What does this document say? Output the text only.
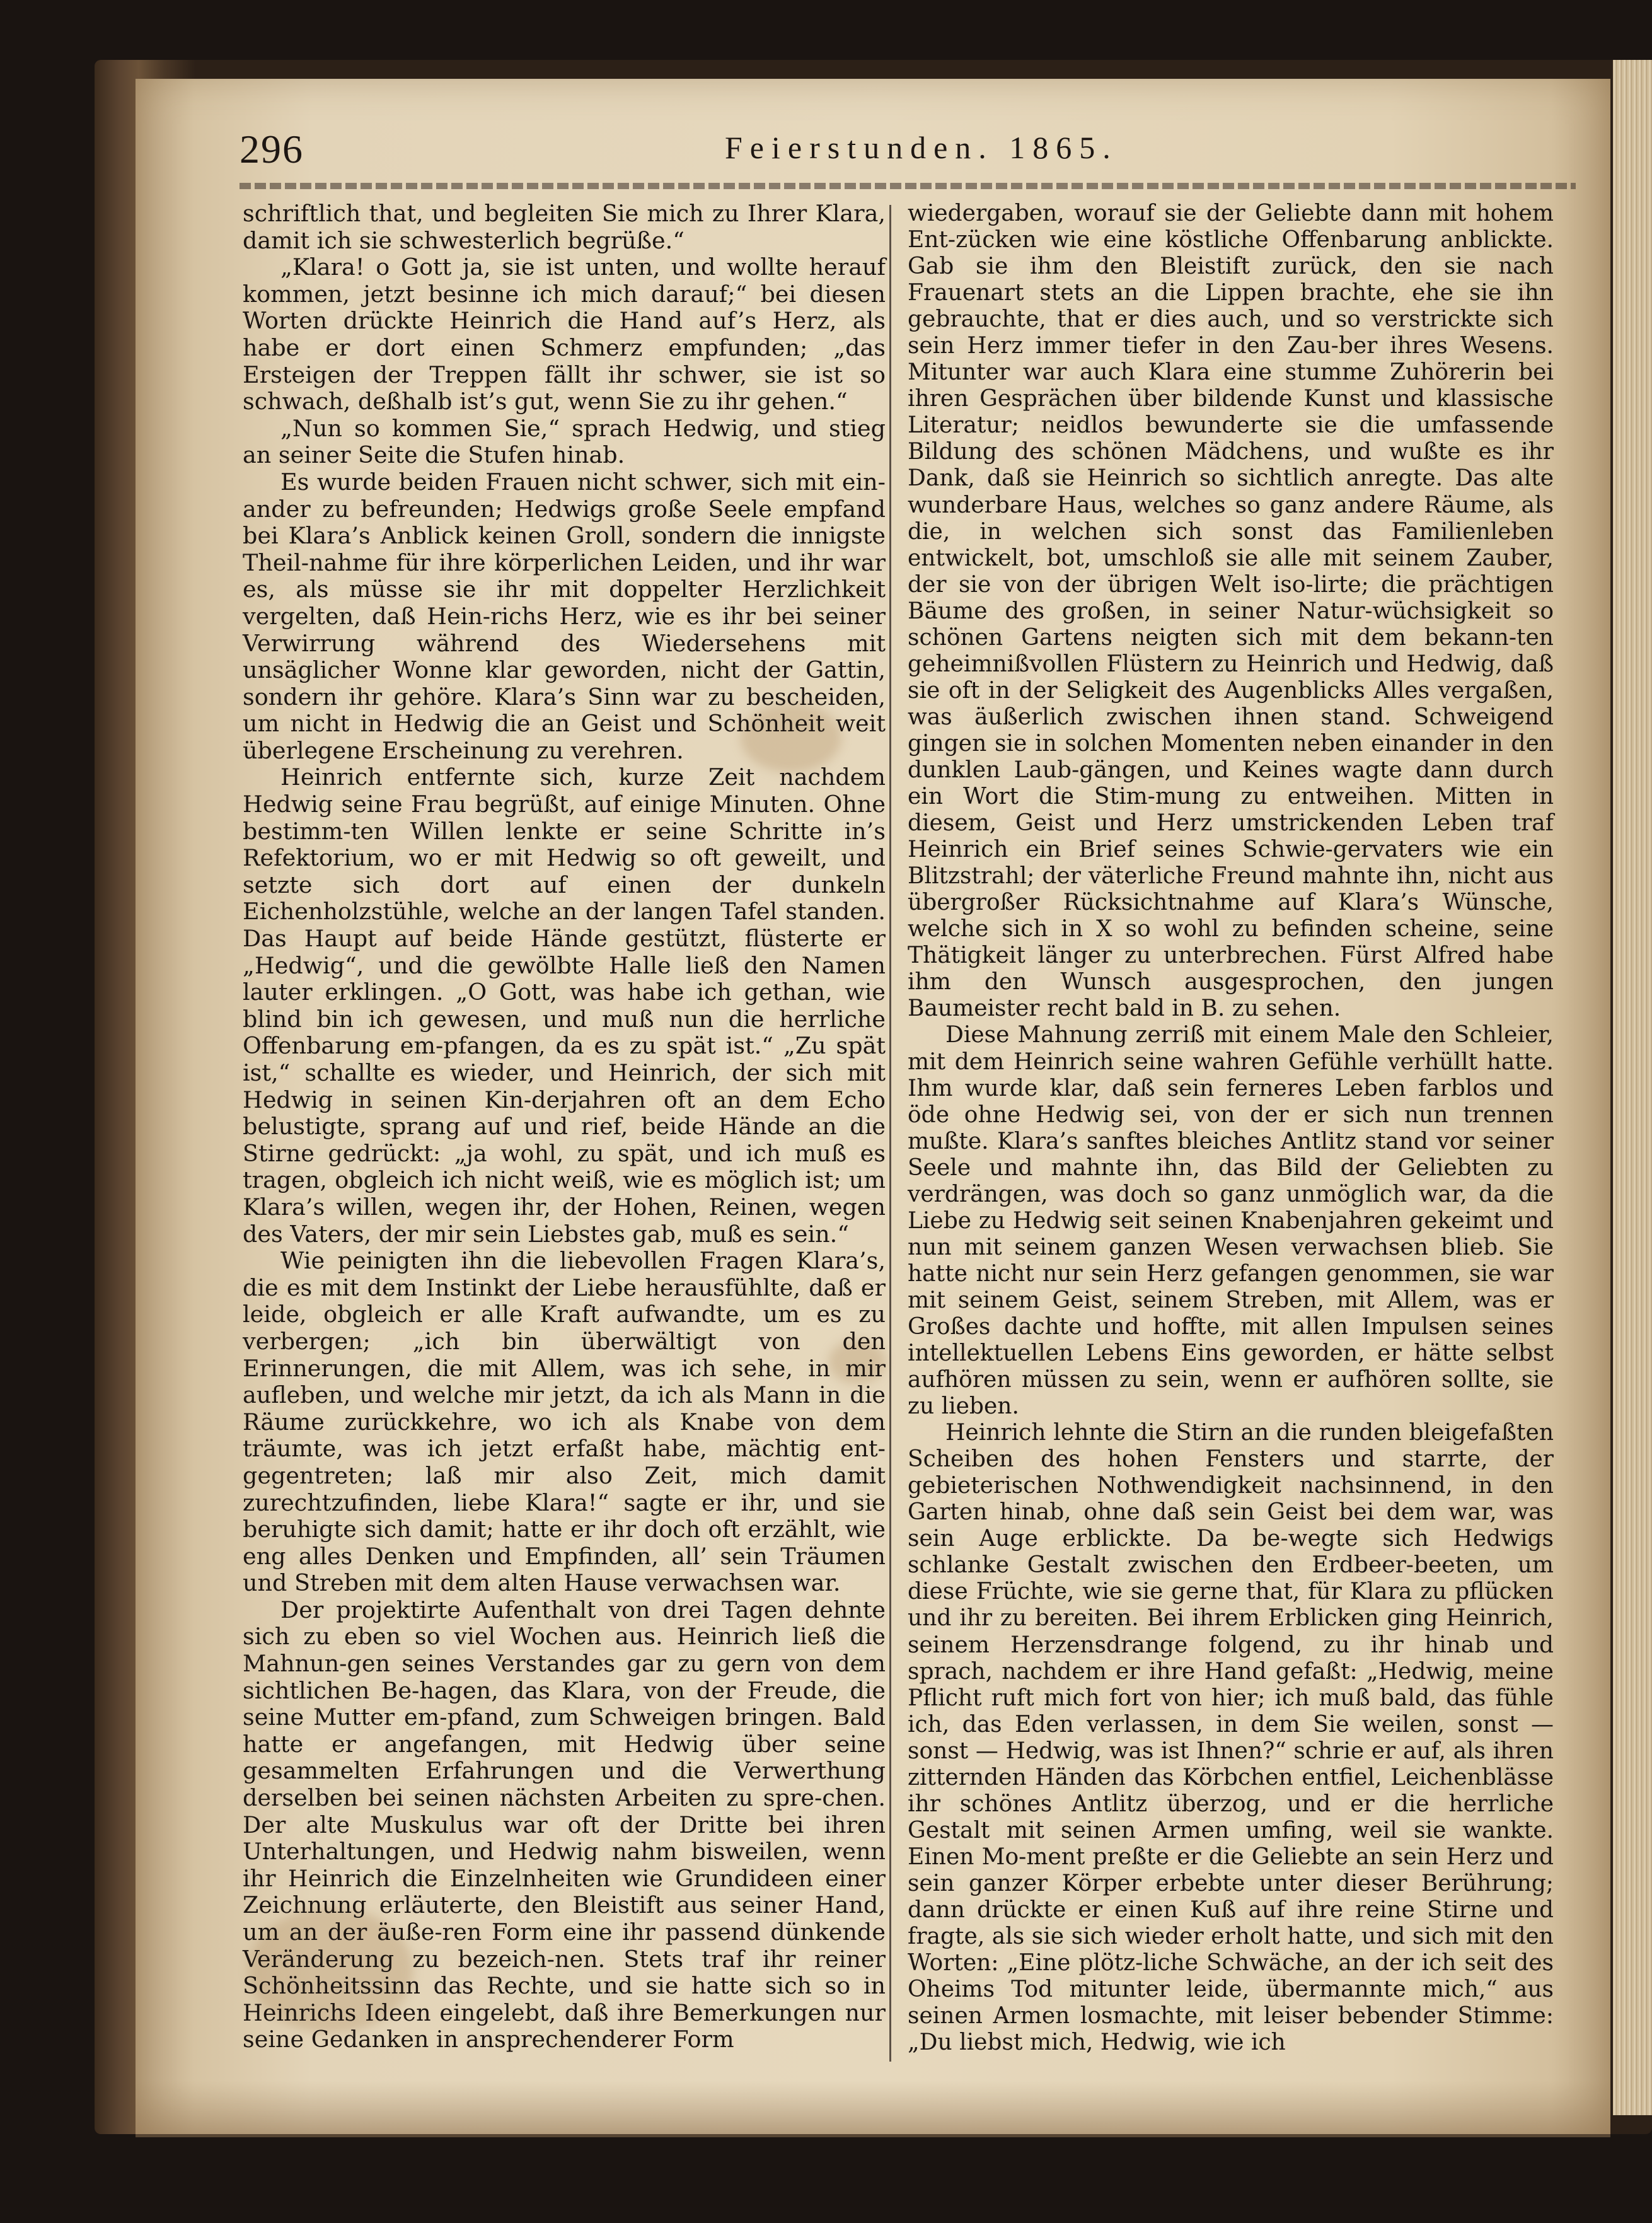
296	Feierstunden. 1865.

schriftlich that, und begleiten Sie mich zu Ihrer Klara, damit ich sie schwesterlich begrüße.“

„Klara! o Gott ja, sie ist unten, und wollte herauf kommen, jetzt besinne ich mich darauf;“ bei diesen Worten drückte Heinrich die Hand auf’s Herz, als habe er dort einen Schmerz empfunden; „das Ersteigen der Treppen fällt ihr schwer, sie ist so schwach, deßhalb ist’s gut, wenn Sie zu ihr gehen.“

„Nun so kommen Sie,“ sprach Hedwig, und stieg an seiner Seite die Stufen hinab.

Es wurde beiden Frauen nicht schwer, sich mit ein-ander zu befreunden; Hedwigs große Seele empfand bei Klara’s Anblick keinen Groll, sondern die innigste Theil-nahme für ihre körperlichen Leiden, und ihr war es, als müsse sie ihr mit doppelter Herzlichkeit vergelten, daß Hein-richs Herz, wie es ihr bei seiner Verwirrung während des Wiedersehens mit unsäglicher Wonne klar geworden, nicht der Gattin, sondern ihr gehöre. Klara’s Sinn war zu bescheiden, um nicht in Hedwig die an Geist und Schönheit weit überlegene Erscheinung zu verehren.

Heinrich entfernte sich, kurze Zeit nachdem Hedwig seine Frau begrüßt, auf einige Minuten. Ohne bestimm-ten Willen lenkte er seine Schritte in’s Refektorium, wo er mit Hedwig so oft geweilt, und setzte sich dort auf einen der dunkeln Eichenholzstühle, welche an der langen Tafel standen. Das Haupt auf beide Hände gestützt, flüsterte er „Hedwig“, und die gewölbte Halle ließ den Namen lauter erklingen. „O Gott, was habe ich gethan, wie blind bin ich gewesen, und muß nun die herrliche Offenbarung em-pfangen, da es zu spät ist.“ „Zu spät ist,“ schallte es wieder, und Heinrich, der sich mit Hedwig in seinen Kin-derjahren oft an dem Echo belustigte, sprang auf und rief, beide Hände an die Stirne gedrückt: „ja wohl, zu spät, und ich muß es tragen, obgleich ich nicht weiß, wie es möglich ist; um Klara’s willen, wegen ihr, der Hohen, Reinen, wegen des Vaters, der mir sein Liebstes gab, muß es sein.“

Wie peinigten ihn die liebevollen Fragen Klara’s, die es mit dem Instinkt der Liebe herausfühlte, daß er leide, obgleich er alle Kraft aufwandte, um es zu verbergen; „ich bin überwältigt von den Erinnerungen, die mit Allem, was ich sehe, in mir aufleben, und welche mir jetzt, da ich als Mann in die Räume zurückkehre, wo ich als Knabe von dem träumte, was ich jetzt erfaßt habe, mächtig ent-gegentreten; laß mir also Zeit, mich damit zurechtzufinden, liebe Klara!“ sagte er ihr, und sie beruhigte sich damit; hatte er ihr doch oft erzählt, wie eng alles Denken und Empfinden, all’ sein Träumen und Streben mit dem alten Hause verwachsen war.

Der projektirte Aufenthalt von drei Tagen dehnte sich zu eben so viel Wochen aus. Heinrich ließ die Mahnun-gen seines Verstandes gar zu gern von dem sichtlichen Be-hagen, das Klara, von der Freude, die seine Mutter em-pfand, zum Schweigen bringen. Bald hatte er angefangen, mit Hedwig über seine gesammelten Erfahrungen und die Verwerthung derselben bei seinen nächsten Arbeiten zu spre-chen. Der alte Muskulus war oft der Dritte bei ihren Unterhaltungen, und Hedwig nahm bisweilen, wenn ihr Heinrich die Einzelnheiten wie Grundideen einer Zeichnung erläuterte, den Bleistift aus seiner Hand, um an der äuße-ren Form eine ihr passend dünkende Veränderung zu bezeich-nen. Stets traf ihr reiner Schönheitssinn das Rechte, und sie hatte sich so in Heinrichs Ideen eingelebt, daß ihre Bemerkungen nur seine Gedanken in ansprechenderer Form

wiedergaben, worauf sie der Geliebte dann mit hohem Ent-zücken wie eine köstliche Offenbarung anblickte. Gab sie ihm den Bleistift zurück, den sie nach Frauenart stets an die Lippen brachte, ehe sie ihn gebrauchte, that er dies auch, und so verstrickte sich sein Herz immer tiefer in den Zau-ber ihres Wesens. Mitunter war auch Klara eine stumme Zuhörerin bei ihren Gesprächen über bildende Kunst und klassische Literatur; neidlos bewunderte sie die umfassende Bildung des schönen Mädchens, und wußte es ihr Dank, daß sie Heinrich so sichtlich anregte. Das alte wunderbare Haus, welches so ganz andere Räume, als die, in welchen sich sonst das Familienleben entwickelt, bot, umschloß sie alle mit seinem Zauber, der sie von der übrigen Welt iso-lirte; die prächtigen Bäume des großen, in seiner Natur-wüchsigkeit so schönen Gartens neigten sich mit dem bekann-ten geheimnißvollen Flüstern zu Heinrich und Hedwig, daß sie oft in der Seligkeit des Augenblicks Alles vergaßen, was äußerlich zwischen ihnen stand. Schweigend gingen sie in solchen Momenten neben einander in den dunklen Laub-gängen, und Keines wagte dann durch ein Wort die Stim-mung zu entweihen. Mitten in diesem, Geist und Herz umstrickenden Leben traf Heinrich ein Brief seines Schwie-gervaters wie ein Blitzstrahl; der väterliche Freund mahnte ihn, nicht aus übergroßer Rücksichtnahme auf Klara’s Wünsche, welche sich in X so wohl zu befinden scheine, seine Thätigkeit länger zu unterbrechen. Fürst Alfred habe ihm den Wunsch ausgesprochen, den jungen Baumeister recht bald in B. zu sehen.

Diese Mahnung zerriß mit einem Male den Schleier, mit dem Heinrich seine wahren Gefühle verhüllt hatte. Ihm wurde klar, daß sein ferneres Leben farblos und öde ohne Hedwig sei, von der er sich nun trennen mußte. Klara’s sanftes bleiches Antlitz stand vor seiner Seele und mahnte ihn, das Bild der Geliebten zu verdrängen, was doch so ganz unmöglich war, da die Liebe zu Hedwig seit seinen Knabenjahren gekeimt und nun mit seinem ganzen Wesen verwachsen blieb. Sie hatte nicht nur sein Herz gefangen genommen, sie war mit seinem Geist, seinem Streben, mit Allem, was er Großes dachte und hoffte, mit allen Impulsen seines intellektuellen Lebens Eins geworden, er hätte selbst aufhören müssen zu sein, wenn er aufhören sollte, sie zu lieben.

Heinrich lehnte die Stirn an die runden bleigefaßten Scheiben des hohen Fensters und starrte, der gebieterischen Nothwendigkeit nachsinnend, in den Garten hinab, ohne daß sein Geist bei dem war, was sein Auge erblickte. Da be-wegte sich Hedwigs schlanke Gestalt zwischen den Erdbeer-beeten, um diese Früchte, wie sie gerne that, für Klara zu pflücken und ihr zu bereiten. Bei ihrem Erblicken ging Heinrich, seinem Herzensdrange folgend, zu ihr hinab und sprach, nachdem er ihre Hand gefaßt: „Hedwig, meine Pflicht ruft mich fort von hier; ich muß bald, das fühle ich, das Eden verlassen, in dem Sie weilen, sonst — sonst — Hedwig, was ist Ihnen?“ schrie er auf, als ihren zitternden Händen das Körbchen entfiel, Leichenblässe ihr schönes Antlitz überzog, und er die herrliche Gestalt mit seinen Armen umfing, weil sie wankte. Einen Mo-ment preßte er die Geliebte an sein Herz und sein ganzer Körper erbebte unter dieser Berührung; dann drückte er einen Kuß auf ihre reine Stirne und fragte, als sie sich wieder erholt hatte, und sich mit den Worten: „Eine plötz-liche Schwäche, an der ich seit des Oheims Tod mitunter leide, übermannte mich,“ aus seinen Armen losmachte, mit leiser bebender Stimme: „Du liebst mich, Hedwig, wie ich
